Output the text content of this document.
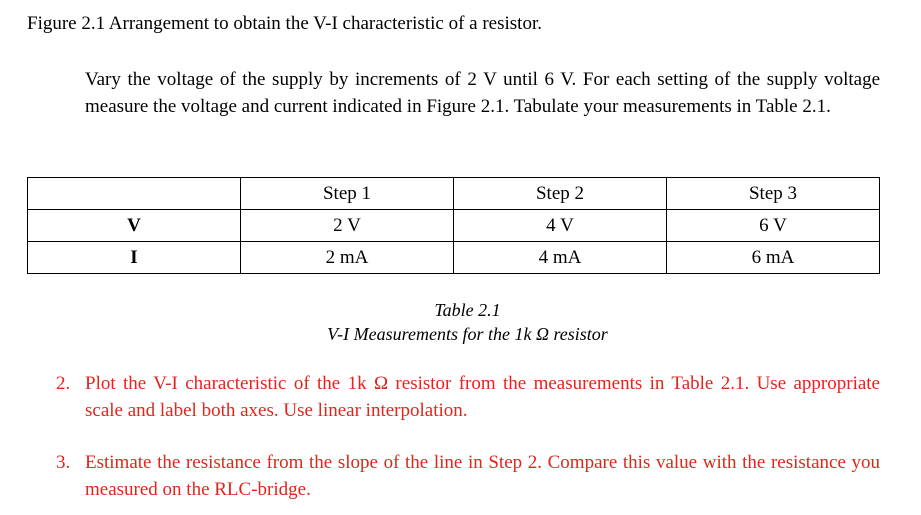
Figure 2.1 Arrangement to obtain the V-I characteristic of a resistor.
Vary the voltage of the supply by increments of 2 V until 6 V. For each setting of the supply voltage measure the voltage and current indicated in Figure 2.1. Tabulate your measurements in Table 2.1.
	Step 1	Step 2	Step 3
V	2 V	4 V	6 V
I	2 mA	4 mA	6 mA
Table 2.1
V-I Measurements for the 1k Ω resistor
2. Plot the V-I characteristic of the 1k Ω resistor from the measurements in Table 2.1. Use appropriate scale and label both axes. Use linear interpolation.
3. Estimate the resistance from the slope of the line in Step 2. Compare this value with the resistance you measured on the RLC-bridge.
